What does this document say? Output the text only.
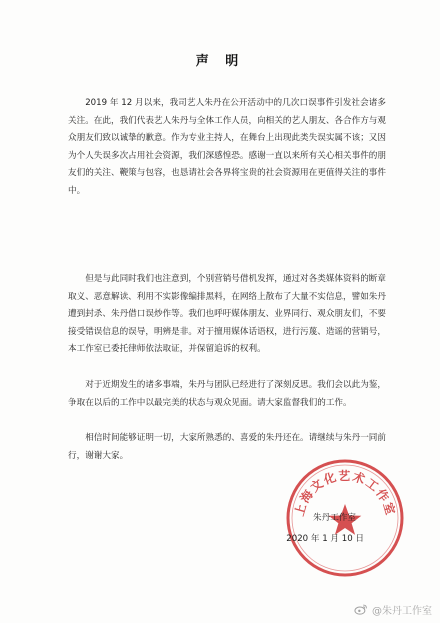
声 明

2019 年 12 月以来，我司艺人朱丹在公开活动中的几次口误事件引发社会诸多关注。在此，我们代表艺人朱丹与全体工作人员，向相关的艺人朋友、各合作方与观众朋友们致以诚挚的歉意。作为专业主持人，在舞台上出现此类失误实属不该；又因为个人失误多次占用社会资源，我们深感惶恐。感谢一直以来所有关心相关事件的朋友们的关注、鞭策与包容，也恳请社会各界将宝贵的社会资源用在更值得关注的事件中。

但是与此同时我们也注意到，个别营销号借机发挥，通过对各类媒体资料的断章取义、恶意解读、利用不实影像编排黑料，在网络上散布了大量不实信息，譬如朱丹遭到封杀、朱丹借口误炒作等。我们也呼吁媒体朋友、业界同行、观众朋友们，不要接受错误信息的误导，明辨是非。对于擅用媒体话语权，进行污蔑、造谣的营销号，本工作室已委托律师依法取证，并保留追诉的权利。

对于近期发生的诸多事端，朱丹与团队已经进行了深刻反思。我们会以此为鉴，争取在以后的工作中以最完美的状态与观众见面。请大家监督我们的工作。

相信时间能够证明一切，大家所熟悉的、喜爱的朱丹还在。请继续与朱丹一同前行，谢谢大家。

上海文化艺术工作室
朱丹工作室
2020 年 1 月 10 日
@朱丹工作室
